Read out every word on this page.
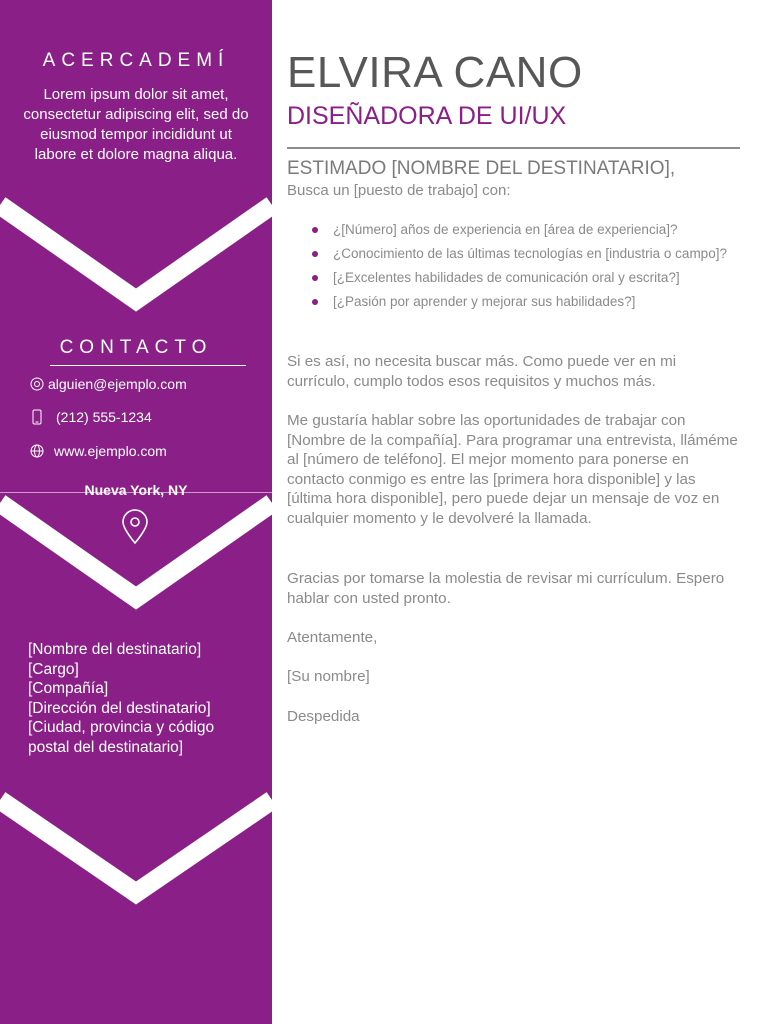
ACERCADEMÍ
Lorem ipsum dolor sit amet, consectetur adipiscing elit, sed do eiusmod tempor incididunt ut labore et dolore magna aliqua.
CONTACTO
alguien@ejemplo.com
(212) 555-1234
www.ejemplo.com
Nueva York, NY
[Nombre del destinatario]
[Cargo]
[Compañía]
[Dirección del destinatario]
[Ciudad, provincia y código
postal del destinatario]
ELVIRA CANO
DISEÑADORA DE UI/UX
ESTIMADO [NOMBRE DEL DESTINATARIO],
Busca un [puesto de trabajo] con:
¿[Número] años de experiencia en [área de experiencia]?
¿Conocimiento de las últimas tecnologías en [industria o campo]?
[¿Excelentes habilidades de comunicación oral y escrita?]
[¿Pasión por aprender y mejorar sus habilidades?]
Si es así, no necesita buscar más. Como puede ver en mi currículo, cumplo todos esos requisitos y muchos más.
Me gustaría hablar sobre las oportunidades de trabajar con [Nombre de la compañía]. Para programar una entrevista, lláméme al [número de teléfono]. El mejor momento para ponerse en contacto conmigo es entre las [primera hora disponible] y las [última hora disponible], pero puede dejar un mensaje de voz en cualquier momento y le devolveré la llamada.
Gracias por tomarse la molestia de revisar mi currículum. Espero hablar con usted pronto.
Atentamente,
[Su nombre]
Despedida
